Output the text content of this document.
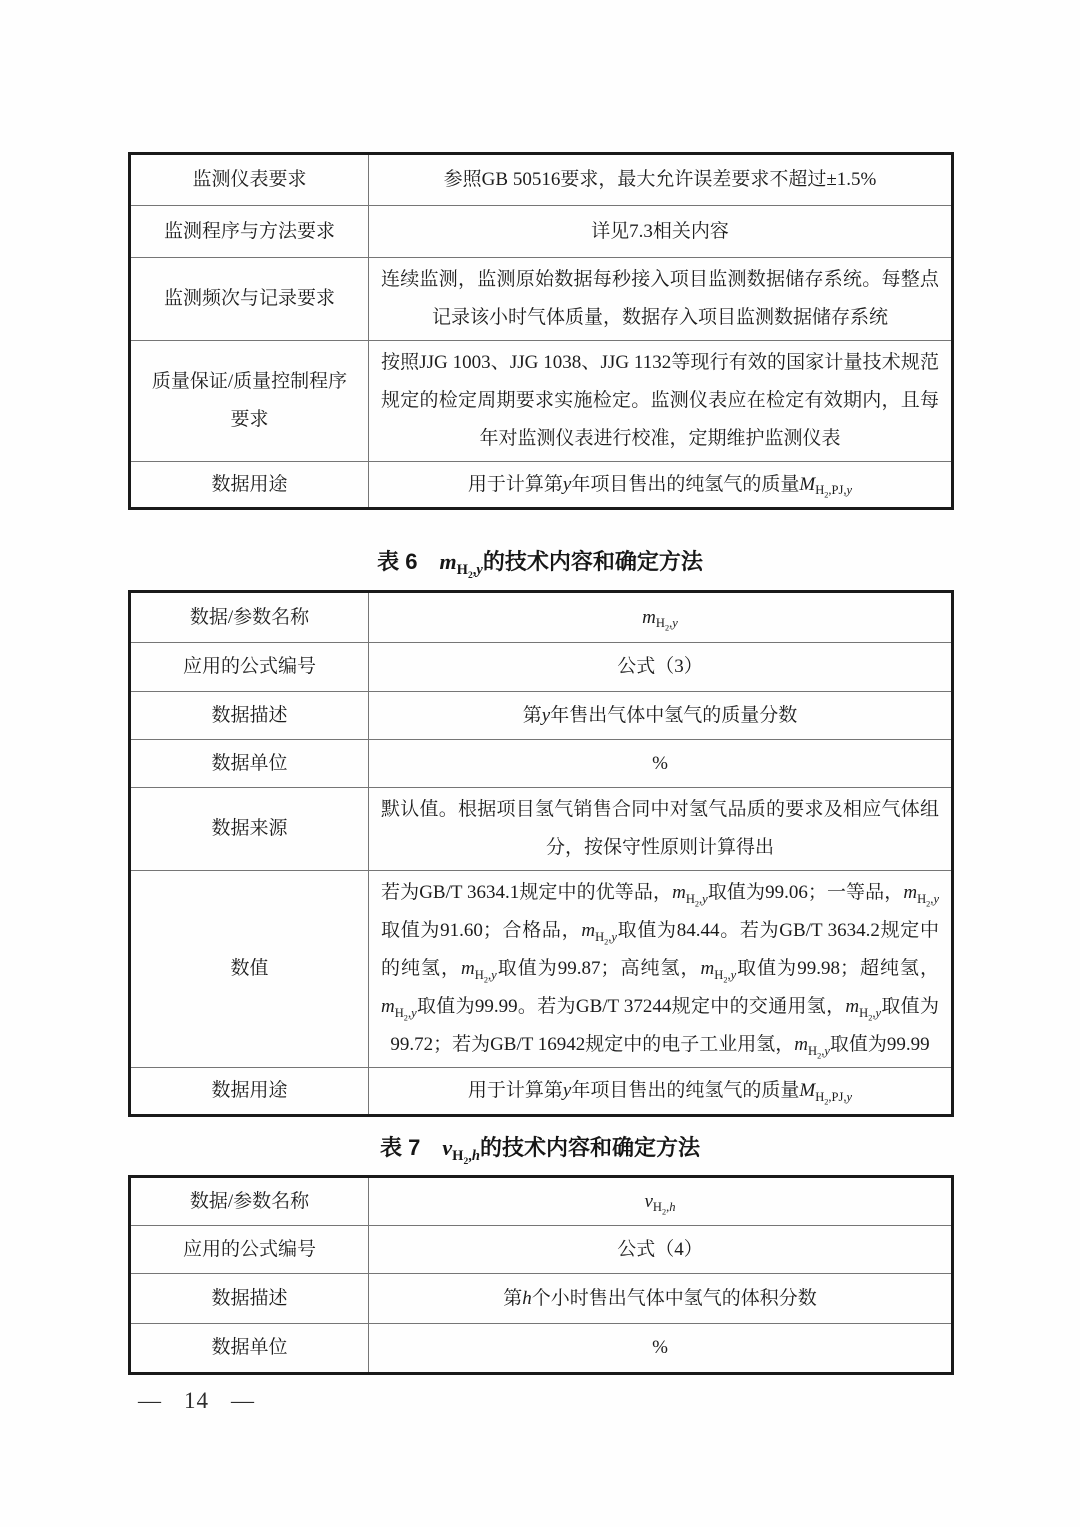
监测仪表要求	参照GB 50516要求，最大允许误差要求不超过±1.5%
监测程序与方法要求	详见7.3相关内容
监测频次与记录要求	连续监测，监测原始数据每秒接入项目监测数据储存系统。每整点记录该小时气体质量，数据存入项目监测数据储存系统
质量保证/质量控制程序要求	按照JJG 1003、JJG 1038、JJG 1132等现行有效的国家计量技术规范规定的检定周期要求实施检定。监测仪表应在检定有效期内，且每年对监测仪表进行校准，定期维护监测仪表
数据用途	用于计算第y年项目售出的纯氢气的质量$M_{H_2,PJ,y}$
表 6　$m_{H_2,y}$的技术内容和确定方法
数据/参数名称	$m_{H_2,y}$
应用的公式编号	公式（3）
数据描述	第y年售出气体中氢气的质量分数
数据单位	%
数据来源	默认值。根据项目氢气销售合同中对氢气品质的要求及相应气体组分，按保守性原则计算得出
数值	若为GB/T 3634.1规定中的优等品，$m_{H_2,y}$取值为99.06；一等品，$m_{H_2,y}$取值为91.60；合格品，$m_{H_2,y}$取值为84.44。若为GB/T 3634.2规定中的纯氢，$m_{H_2,y}$取值为99.87；高纯氢，$m_{H_2,y}$取值为99.98；超纯氢，$m_{H_2,y}$取值为99.99。若为GB/T 37244规定中的交通用氢，$m_{H_2,y}$取值为99.72；若为GB/T 16942规定中的电子工业用氢，$m_{H_2,y}$取值为99.99
数据用途	用于计算第y年项目售出的纯氢气的质量$M_{H_2,PJ,y}$
表 7　$v_{H_2,h}$的技术内容和确定方法
数据/参数名称	$v_{H_2,h}$
应用的公式编号	公式（4）
数据描述	第h个小时售出气体中氢气的体积分数
数据单位	%
— 14 —
